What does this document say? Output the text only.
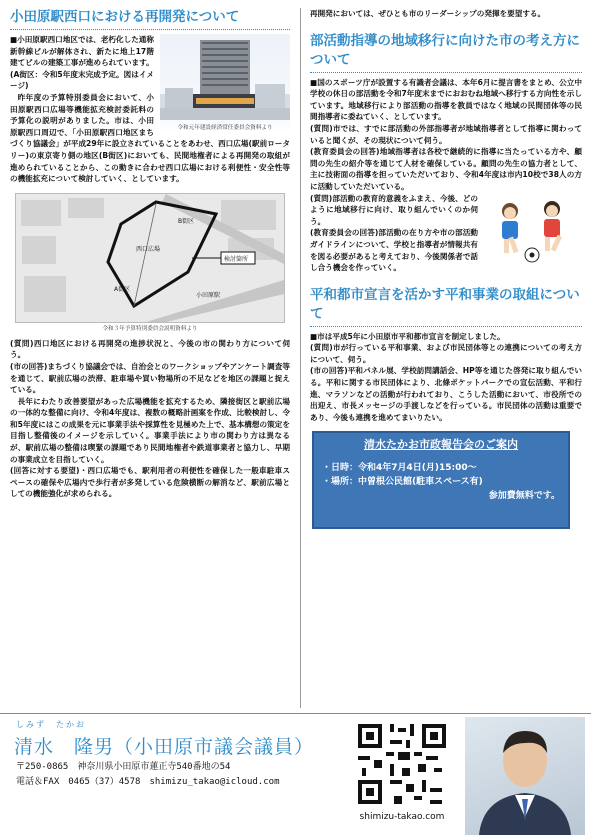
小田原駅西口における再開発について
令和元年建設経済常任委員会資料より

■小田原駅西口地区では、老朽化した通称新幹線ビルが解体され、新たに地上17階建てビルの建築工事が進められています。

(A街区：令和5年度末完成予定。図はイメージ)

昨年度の予算特別委員会において、小田原駅西口広場等機能拡充検討委託料の予算化の説明がありました。市は、小田原駅西口周辺で、「小田原駅西口地区まちづくり協議会」が平成29年に設立されていることをあわせ、西口広場(駅前ロータリー)の東京寄り側の地区(B街区)においても、民間地権者による再開発の取組が進められていることから、この動きに合わせ西口広場における利便性・安全性等の機能拡充について検討していく、としています。

B街区
西口広場
A街区
検討箇所
小田原駅
令和３年予算特別委員会説明資料より

(質問)西口地区における再開発の進捗状況と、今後の市の関わり方について伺う。

(市の回答)まちづくり協議会では、自治会とのワークショップやアンケート調査等を通じて、駅前広場の渋滞、駐車場や買い物場所の不足などを地区の課題と捉えている。

長年にわたり改善要望があった広場機能を拡充するため、隣接街区と駅前広場の一体的な整備に向け、令和4年度は、複数の概略計画案を作成、比較検討し、令和5年度にはこの成果を元に事業手法や採算性を見極めた上で、基本構想の策定を目指し整備後のイメージを示していく。事業手法により市の関わり方は異なるが、駅前広場の整備は喫緊の課題であり民間地権者や鉄道事業者と協力し、早期の事業成立を目指していく。

(回答に対する要望)・西口広場でも、駅利用者の利便性を確保した一般車駐車スペースの確保や広場内で歩行者が多発している危険横断の解消など、駅前広場としての機能強化が求められる。

再開発においては、ぜひとも市のリーダーシップの発揮を要望する。

部活動指導の地域移行に向けた市の考え方について

■国のスポーツ庁が設置する有識者会議は、本年6月に提言書をまとめ、公立中学校の休日の部活動を令和7年度末までにおおむね地域へ移行する方向性を示しています。地域移行により部活動の指導を教員ではなく地域の民間団体等の民間指導者に委ねていく、としています。

(質問)市では、すでに部活動の外部指導者が地域指導者として指導に関わっていると聞くが、その現状について伺う。

(教育委員会の回答)地域指導者は各校で継続的に指導に当たっている方や、顧問の先生の紹介等を通じて人材を確保している。顧問の先生の協力者として、主に技術面の指導を担っていただいており、令和4年度は市内10校で38人の方に活動していただいている。

(質問)部活動の教育的意義をふまえ、今後、どのように地域移行に向け、取り組んでいくのか伺う。

(教育委員会の回答)部活動の在り方や市の部活動ガイドラインについて、学校と指導者が情報共有を図る必要があると考えており、今後関係者で話し合う機会を作っていく。

平和都市宣言を活かす平和事業の取組について

■市は平成5年に小田原市平和都市宣言を制定しました。

(質問)市が行っている平和事業、および市民団体等との連携についての考え方について、伺う。

(市の回答)平和パネル展、学校訪問講話会、HP等を通じた啓発に取り組んでいる。平和に関する市民団体により、北條ポケットパークでの宣伝活動、平和行進、マラソンなどの活動が行われており、こうした活動において、市役所での出迎え、市長メッセージの手渡しなどを行っている。市民団体の活動は重要であり、今後も連携を進めてまいりたい。

清水たかお市政報告会のご案内
・日時：令和4年7月4日(月)15:00～
・場所：中曽根公民館(駐車スペース有)
参加費無料です。
しみず　たかお
清水　隆男（小田原市議会議員）
〒250-0865　神奈川県小田原市蓮正寺540番地の54
電話＆FAX　0465（37）4578　shimizu_takao@icloud.com
shimizu-takao.com
